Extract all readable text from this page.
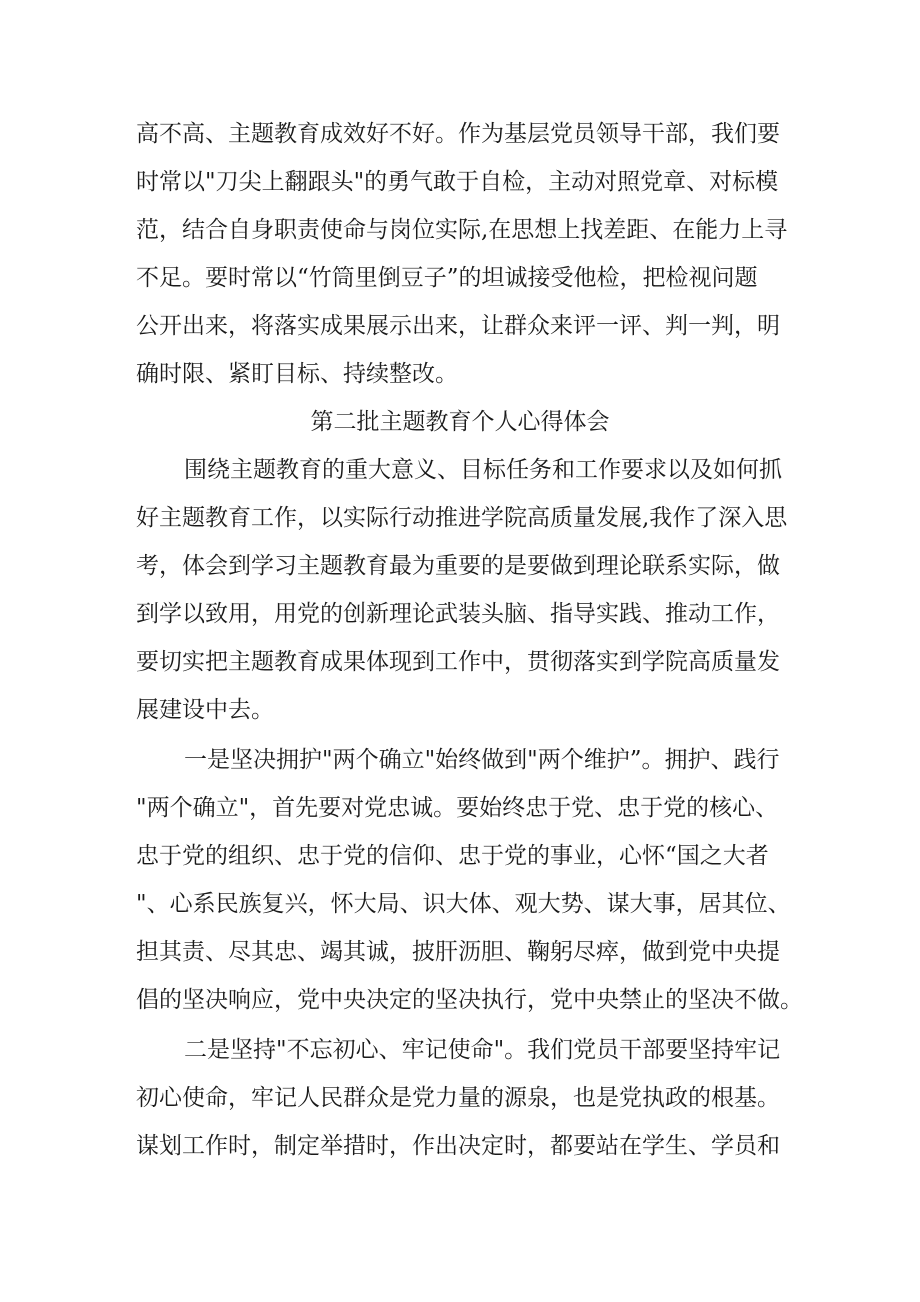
高不高、主题教育成效好不好。作为基层党员领导干部，我们要
时常以"刀尖上翻跟头"的勇气敢于自检，主动对照党章、对标模
范，结合自身职责使命与岗位实际,在思想上找差距、在能力上寻
不足。要时常以“竹筒里倒豆子”的坦诚接受他检，把检视问题
公开出来，将落实成果展示出来，让群众来评一评、判一判，明
确时限、紧盯目标、持续整改。
第二批主题教育个人心得体会
围绕主题教育的重大意义、目标任务和工作要求以及如何抓
好主题教育工作，以实际行动推进学院高质量发展,我作了深入思
考，体会到学习主题教育最为重要的是要做到理论联系实际，做
到学以致用，用党的创新理论武装头脑、指导实践、推动工作，
要切实把主题教育成果体现到工作中，贯彻落实到学院高质量发
展建设中去。
一是坚决拥护"两个确立"始终做到"两个维护”。拥护、践行
"两个确立"，首先要对党忠诚。要始终忠于党、忠于党的核心、
忠于党的组织、忠于党的信仰、忠于党的事业，心怀“国之大者
"、心系民族复兴，怀大局、识大体、观大势、谋大事，居其位、
担其责、尽其忠、竭其诚，披肝沥胆、鞠躬尽瘁，做到党中央提
倡的坚决响应，党中央决定的坚决执行，党中央禁止的坚决不做。
二是坚持"不忘初心、牢记使命"。我们党员干部要坚持牢记
初心使命，牢记人民群众是党力量的源泉，也是党执政的根基。
谋划工作时，制定举措时，作出决定时，都要站在学生、学员和
